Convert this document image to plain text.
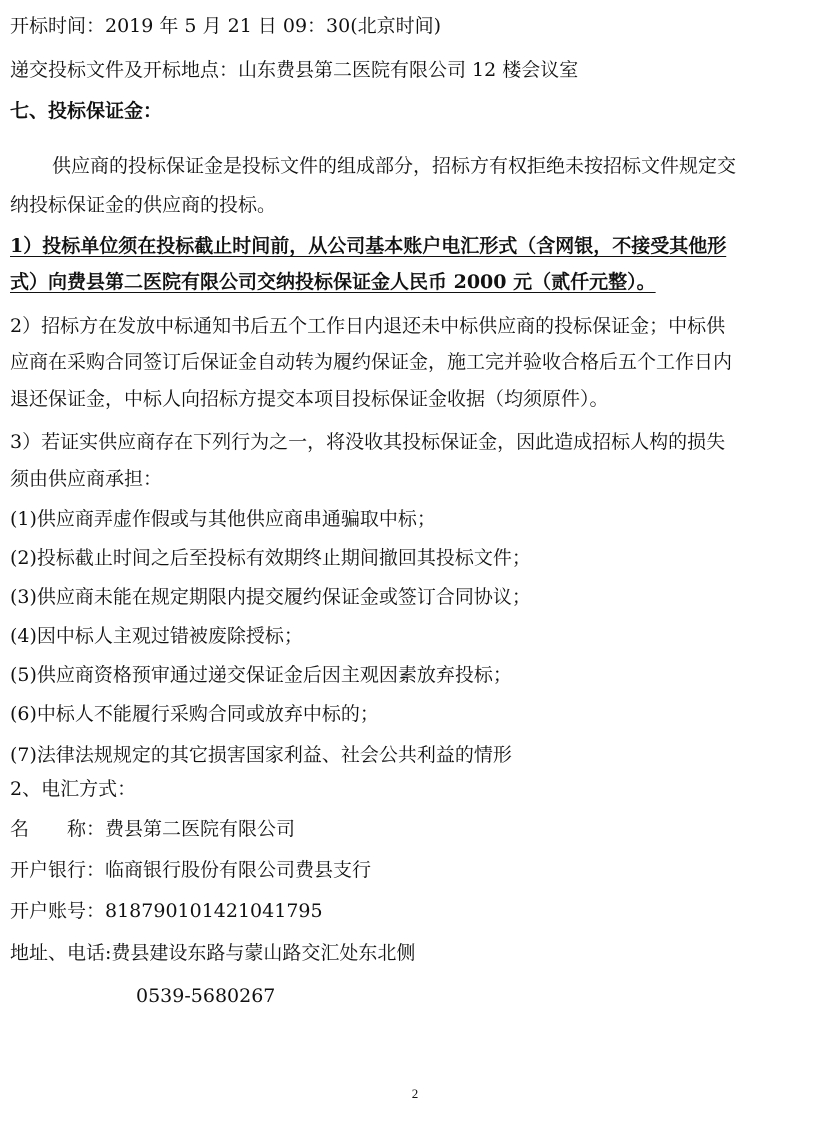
开标时间：2019 年 5 月 21 日 09：30(北京时间)
递交投标文件及开标地点：山东费县第二医院有限公司 12 楼会议室
七、投标保证金：
供应商的投标保证金是投标文件的组成部分，招标方有权拒绝未按招标文件规定交
纳投标保证金的供应商的投标。
1）投标单位须在投标截止时间前，从公司基本账户电汇形式（含网银，不接受其他形
式）向费县第二医院有限公司交纳投标保证金人民币 2000 元（贰仟元整）。
2）招标方在发放中标通知书后五个工作日内退还未中标供应商的投标保证金；中标供
应商在采购合同签订后保证金自动转为履约保证金，施工完并验收合格后五个工作日内
退还保证金，中标人向招标方提交本项目投标保证金收据（均须原件）。
3）若证实供应商存在下列行为之一，将没收其投标保证金，因此造成招标人构的损失
须由供应商承担：
(1)供应商弄虚作假或与其他供应商串通骗取中标；
(2)投标截止时间之后至投标有效期终止期间撤回其投标文件；
(3)供应商未能在规定期限内提交履约保证金或签订合同协议；
(4)因中标人主观过错被废除授标；
(5)供应商资格预审通过递交保证金后因主观因素放弃投标；
(6)中标人不能履行采购合同或放弃中标的；
(7)法律法规规定的其它损害国家利益、社会公共利益的情形
2、电汇方式：
名　　称：费县第二医院有限公司
开户银行：临商银行股份有限公司费县支行
开户账号：818790101421041795
地址、电话:费县建设东路与蒙山路交汇处东北侧
0539-5680267
2
